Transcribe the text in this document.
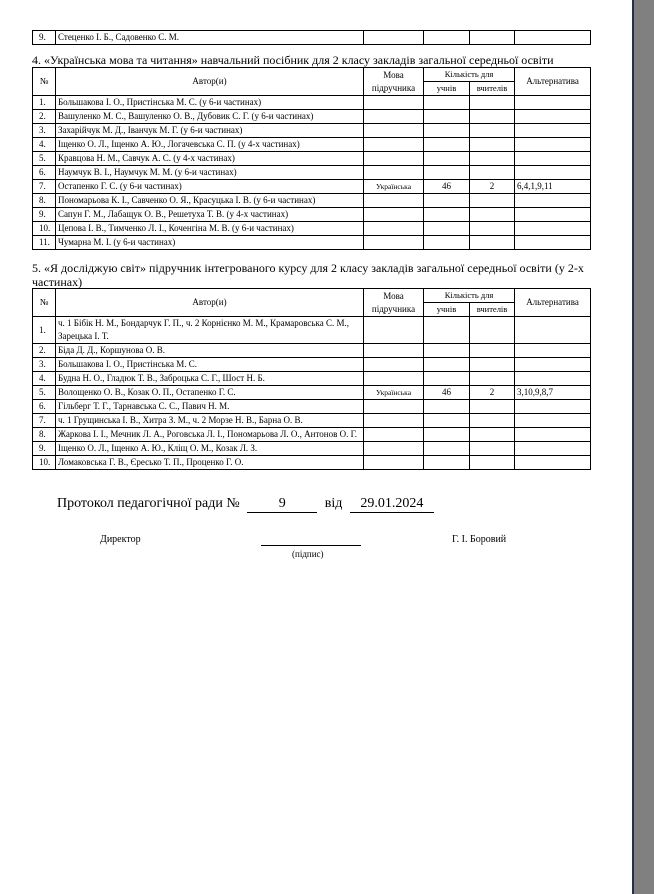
9.	Стеценко І. Б., Садовенко С. М.				
4. «Українська мова та читання» навчальний посібник для 2 класу закладів загальної середньої освіти
№	Автор(и)	Мова підручника	Кількість для		Альтернатива
			учнів	вчителів	
1.	Большакова І. О., Пристінська М. С. (у 6-и частинах)				
2.	Вашуленко М. С., Вашуленко О. В., Дубовик С. Г. (у 6-и частинах)				
3.	Захарійчук М. Д., Іванчук М. Г. (у 6-и частинах)				
4.	Іщенко О. Л., Іщенко А. Ю., Логачевська С. П. (у 4-х частинах)				
5.	Кравцова Н. М., Савчук А. С. (у 4-х частинах)				
6.	Наумчук В. І., Наумчук М. М. (у 6-и частинах)				
7.	Остапенко Г. С. (у 6-и частинах)	Українська	46	2	6,4,1,9,11
8.	Пономарьова К. І., Савченко О. Я., Красуцька І. В. (у 6-и частинах)				
9.	Сапун Г. М., Лабащук О. В., Решетуха Т. В. (у 4-х частинах)				
10.	Цепова І. В., Тимченко Л. І., Коченгіна М. В. (у 6-и частинах)				
11.	Чумарна М. І. (у 6-и частинах)				
5. «Я досліджую світ» підручник інтегрованого курсу для 2 класу закладів загальної середньої освіти (у 2-х частинах)
№	Автор(и)	Мова підручника	Кількість для		Альтернатива
			учнів	вчителів	
1.	ч. 1 Бібік Н. М., Бондарчук Г. П., ч. 2 Корнієнко М. М., Крамаровська С. М., Зарецька І. Т.				
2.	Біда Д. Д., Коршунова О. В.				
3.	Большакова І. О., Пристінська М. С.				
4.	Будна Н. О., Гладюк Т. В., Заброцька С. Г., Шост Н. Б.				
5.	Волощенко О. В., Козак О. П., Остапенко Г. С.	Українська	46	2	3,10,9,8,7
6.	Гільберг Т. Г., Тарнавська С. С., Павич Н. М.				
7.	ч. 1 Грущинська І. В., Хитра З. М., ч. 2 Морзе Н. В., Барна О. В.				
8.	Жаркова І. І., Мечник Л. А., Роговська Л. І., Пономарьова Л. О., Антонов О. Г.				
9.	Іщенко О. Л., Іщенко А. Ю., Кліщ О. М., Козак Л. З.				
10.	Ломаковська Г. В., Єресько Т. П., Проценко Г. О.				
Протокол педагогічної ради №	9	від 29.01.2024
Директор
(підпис)
Г. І. Боровий
